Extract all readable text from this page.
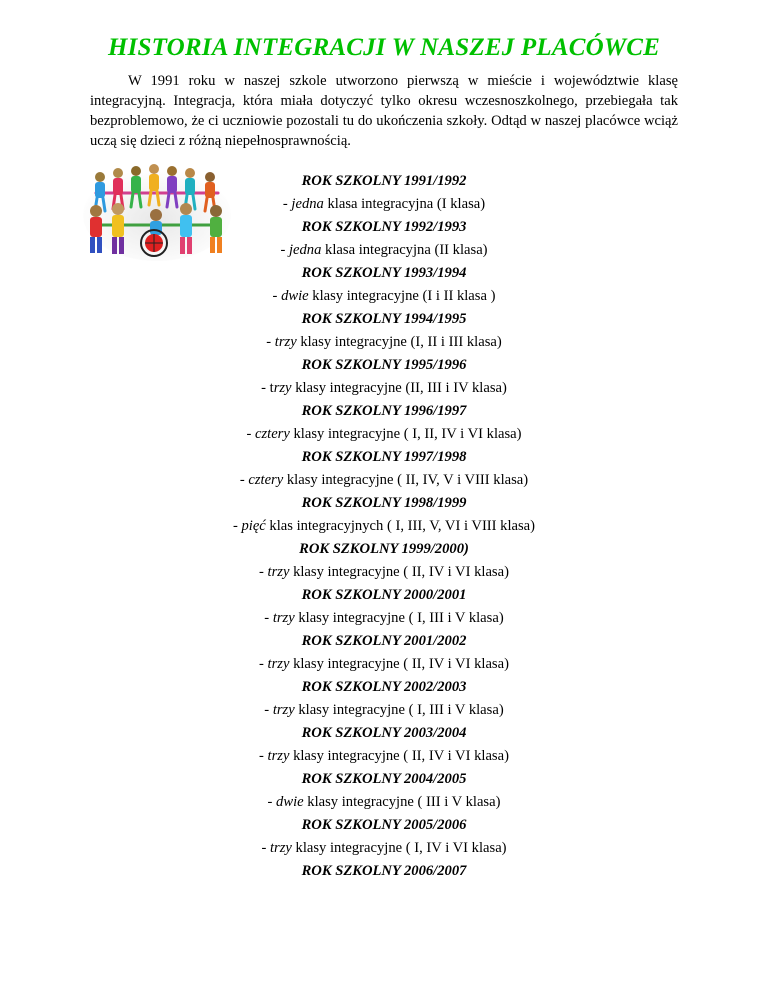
HISTORIA INTEGRACJI W NASZEJ PLACÓWCE

W 1991 roku w naszej szkole utworzono pierwszą w mieście i województwie klasę integracyjną. Integracja, która miała dotyczyć tylko okresu wczesnoszkolnego, przebiegała tak bezproblemowo, że ci uczniowie pozostali tu do ukończenia szkoły. Odtąd w naszej placówce wciąż uczą się dzieci z różną niepełnosprawnością.

ROK SZKOLNY 1991/1992
- jedna klasa integracyjna (I klasa)
ROK SZKOLNY 1992/1993
- jedna klasa integracyjna (II klasa)
ROK SZKOLNY 1993/1994
- dwie klasy integracyjne (I i II klasa )
ROK SZKOLNY 1994/1995
- trzy klasy integracyjne (I, II i III klasa)
ROK SZKOLNY 1995/1996
- trzy klasy integracyjne (II, III i IV klasa)
ROK SZKOLNY 1996/1997
- cztery klasy integracyjne ( I, II, IV i VI klasa)
ROK SZKOLNY 1997/1998
- cztery klasy integracyjne ( II, IV, V i VIII klasa)
ROK SZKOLNY 1998/1999
- pięć klas integracyjnych ( I, III, V, VI i VIII klasa)
ROK SZKOLNY 1999/2000)
- trzy klasy integracyjne ( II, IV i VI klasa)
ROK SZKOLNY 2000/2001
- trzy klasy integracyjne ( I, III i V klasa)
ROK SZKOLNY 2001/2002
- trzy klasy integracyjne ( II, IV i VI klasa)
ROK SZKOLNY 2002/2003
- trzy klasy integracyjne ( I, III i V klasa)
ROK SZKOLNY 2003/2004
- trzy klasy integracyjne ( II, IV i VI klasa)
ROK SZKOLNY 2004/2005
- dwie klasy integracyjne ( III i V klasa)
ROK SZKOLNY 2005/2006
- trzy klasy integracyjne ( I, IV i VI klasa)
ROK SZKOLNY 2006/2007
